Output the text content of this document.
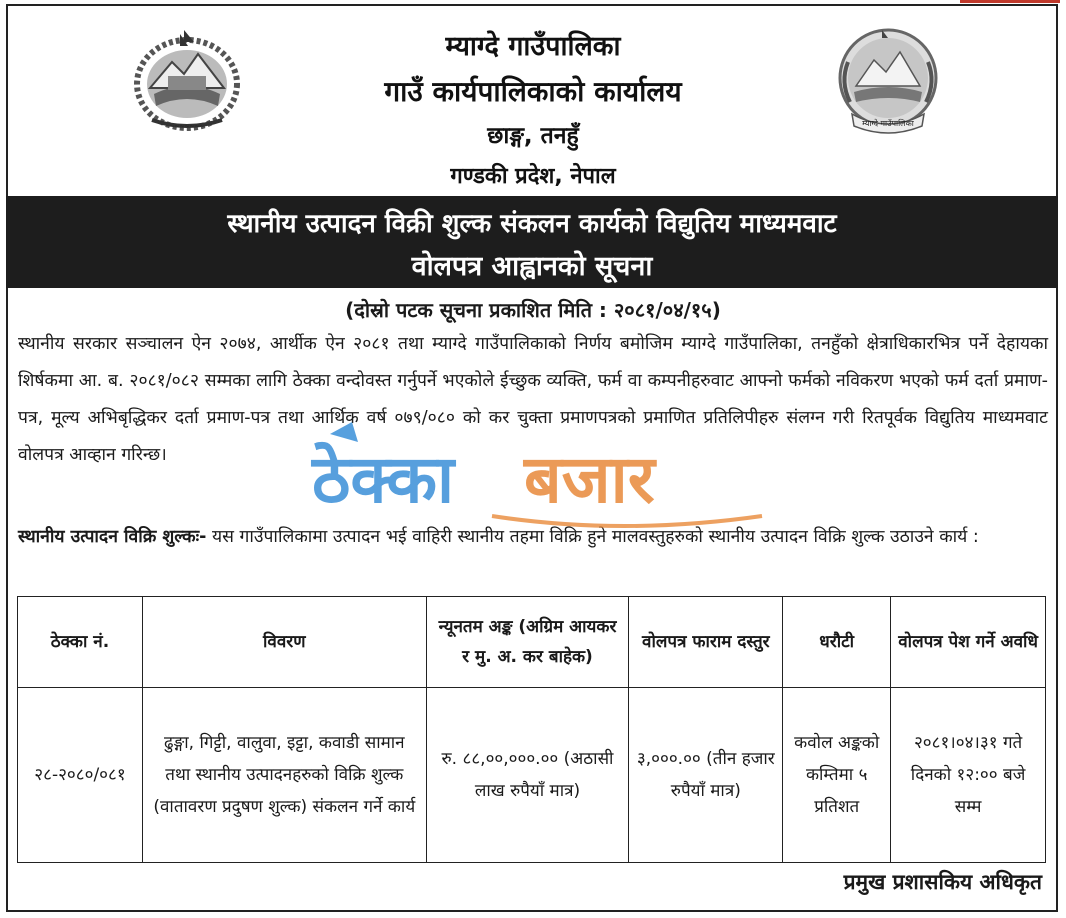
~~~~~~~	म्याग्दे गाउँपालिका
म्याग्दे गाउँपालिका
गाउँ कार्यपालिकाको कार्यालय
छाङ्ग, तनहुँ
गण्डकी प्रदेश, नेपाल
स्थानीय उत्पादन विक्री शुल्क संकलन कार्यको विद्युतिय माध्यमवाट
वोलपत्र आह्वानको सूचना
(दोस्रो पटक सूचना प्रकाशित मिति : २०८१/०४/१५)
स्थानीय सरकार सञ्चालन ऐन २०७४, आर्थीक ऐन २०८१ तथा म्याग्दे गाउँपालिकाको निर्णय बमोजिम म्याग्दे गाउँपालिका, तनहुँको क्षेत्राधिकारभित्र पर्ने देहायका शिर्षकमा आ. ब. २०८१/०८२ सम्मका लागि ठेक्का वन्दोवस्त गर्नुपर्ने भएकोले ईच्छुक व्यक्ति, फर्म वा कम्पनीहरुवाट आफ्नो फर्मको नविकरण भएको फर्म दर्ता प्रमाण-पत्र, मूल्य अभिबृद्धिकर दर्ता प्रमाण-पत्र तथा आर्थिक वर्ष ०७९/०८० को कर चुक्ता प्रमाणपत्रको प्रमाणित प्रतिलिपीहरु संलग्न गरी रितपूर्वक विद्युतिय माध्यमवाट वोलपत्र आव्हान गरिन्छ।
स्थानीय उत्पादन विक्रि शुल्कः- यस गाउँपालिकामा उत्पादन भई वाहिरी स्थानीय तहमा विक्रि हुने मालवस्तुहरुको स्थानीय उत्पादन विक्रि शुल्क उठाउने कार्य :
ठेक्का बजार
ठेक्का नं.	विवरण	न्यूनतम अङ्क (अग्रिम आयकर र मु. अ. कर बाहेक)	वोलपत्र फाराम दस्तुर	धरौटी	वोलपत्र पेश गर्ने अवधि
२८-२०८०/०८१	ढुङ्गा, गिट्टी, वालुवा, इट्टा, कवाडी सामान तथा स्थानीय उत्पादनहरुको विक्रि शुल्क (वातावरण प्रदुषण शुल्क) संकलन गर्ने कार्य	रु. ८८,००,०००.०० (अठासी लाख रुपैयाँ मात्र)	३,०००.०० (तीन हजार रुपैयाँ मात्र)	कवोल अङ्कको कम्तिमा ५ प्रतिशत	२०८१।०४।३१ गते दिनको १२:०० बजे सम्म
प्रमुख प्रशासकिय अधिकृत
